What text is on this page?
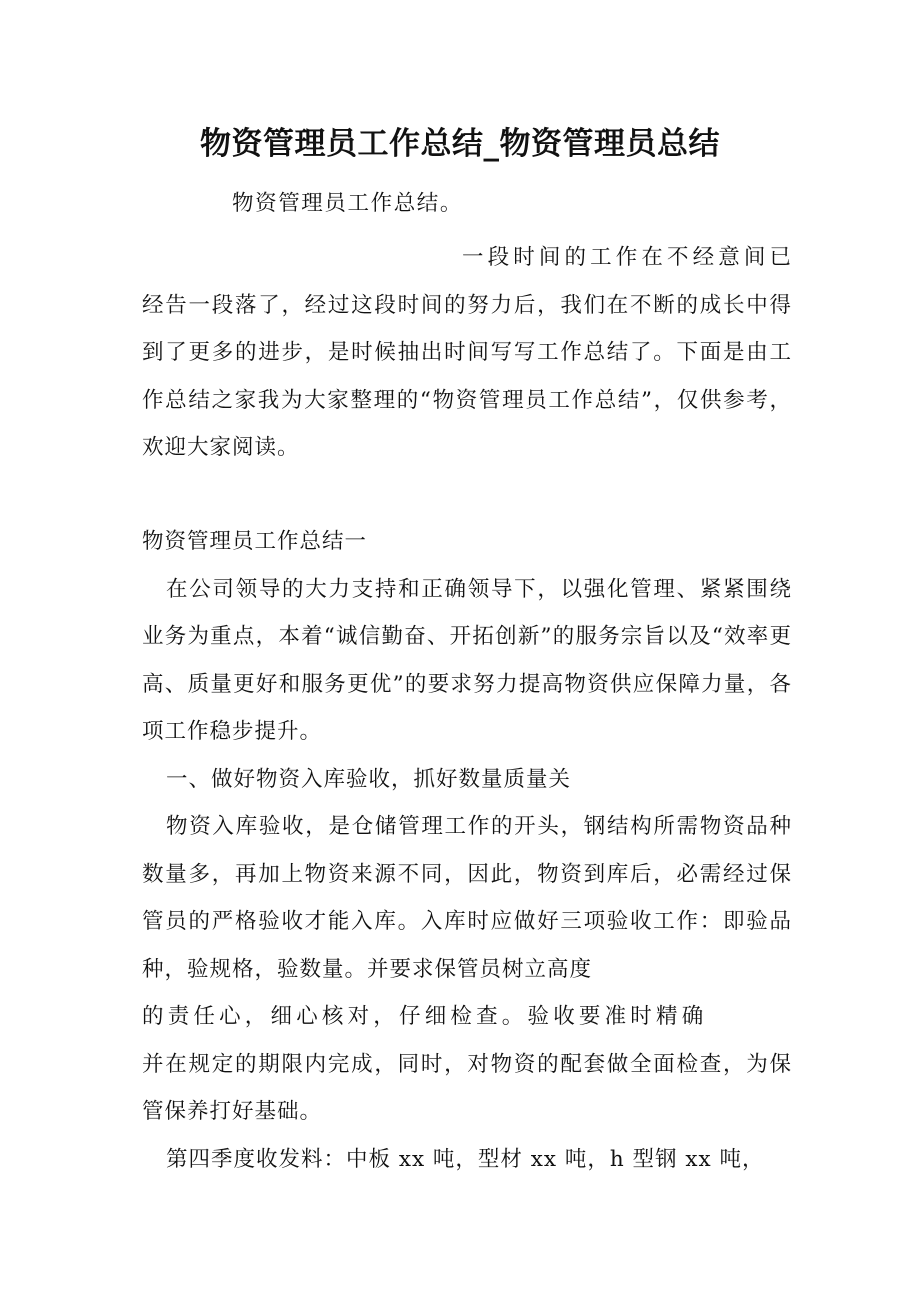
物资管理员工作总结_物资管理员总结

物资管理员工作总结。

一段时间的工作在不经意间已经告一段落了，经过这段时间的努力后，我们在不断的成长中得到了更多的进步，是时候抽出时间写写工作总结了。下面是由工作总结之家我为大家整理的“物资管理员工作总结”，仅供参考，欢迎大家阅读。

物资管理员工作总结一

在公司领导的大力支持和正确领导下，以强化管理、紧紧围绕业务为重点，本着“诚信勤奋、开拓创新”的服务宗旨以及“效率更高、质量更好和服务更优”的要求努力提高物资供应保障力量，各项工作稳步提升。

一、做好物资入库验收，抓好数量质量关

物资入库验收，是仓储管理工作的开头，钢结构所需物资品种数量多，再加上物资来源不同，因此，物资到库后，必需经过保管员的严格验收才能入库。入库时应做好三项验收工作：即验品种，验规格，验数量。并要求保管员树立高度

的责任心，细心核对，仔细检查。验收要准时精确

并在规定的期限内完成，同时，对物资的配套做全面检查，为保管保养打好基础。

第四季度收发料：中板 xx 吨，型材 xx 吨，h 型钢 xx 吨，
